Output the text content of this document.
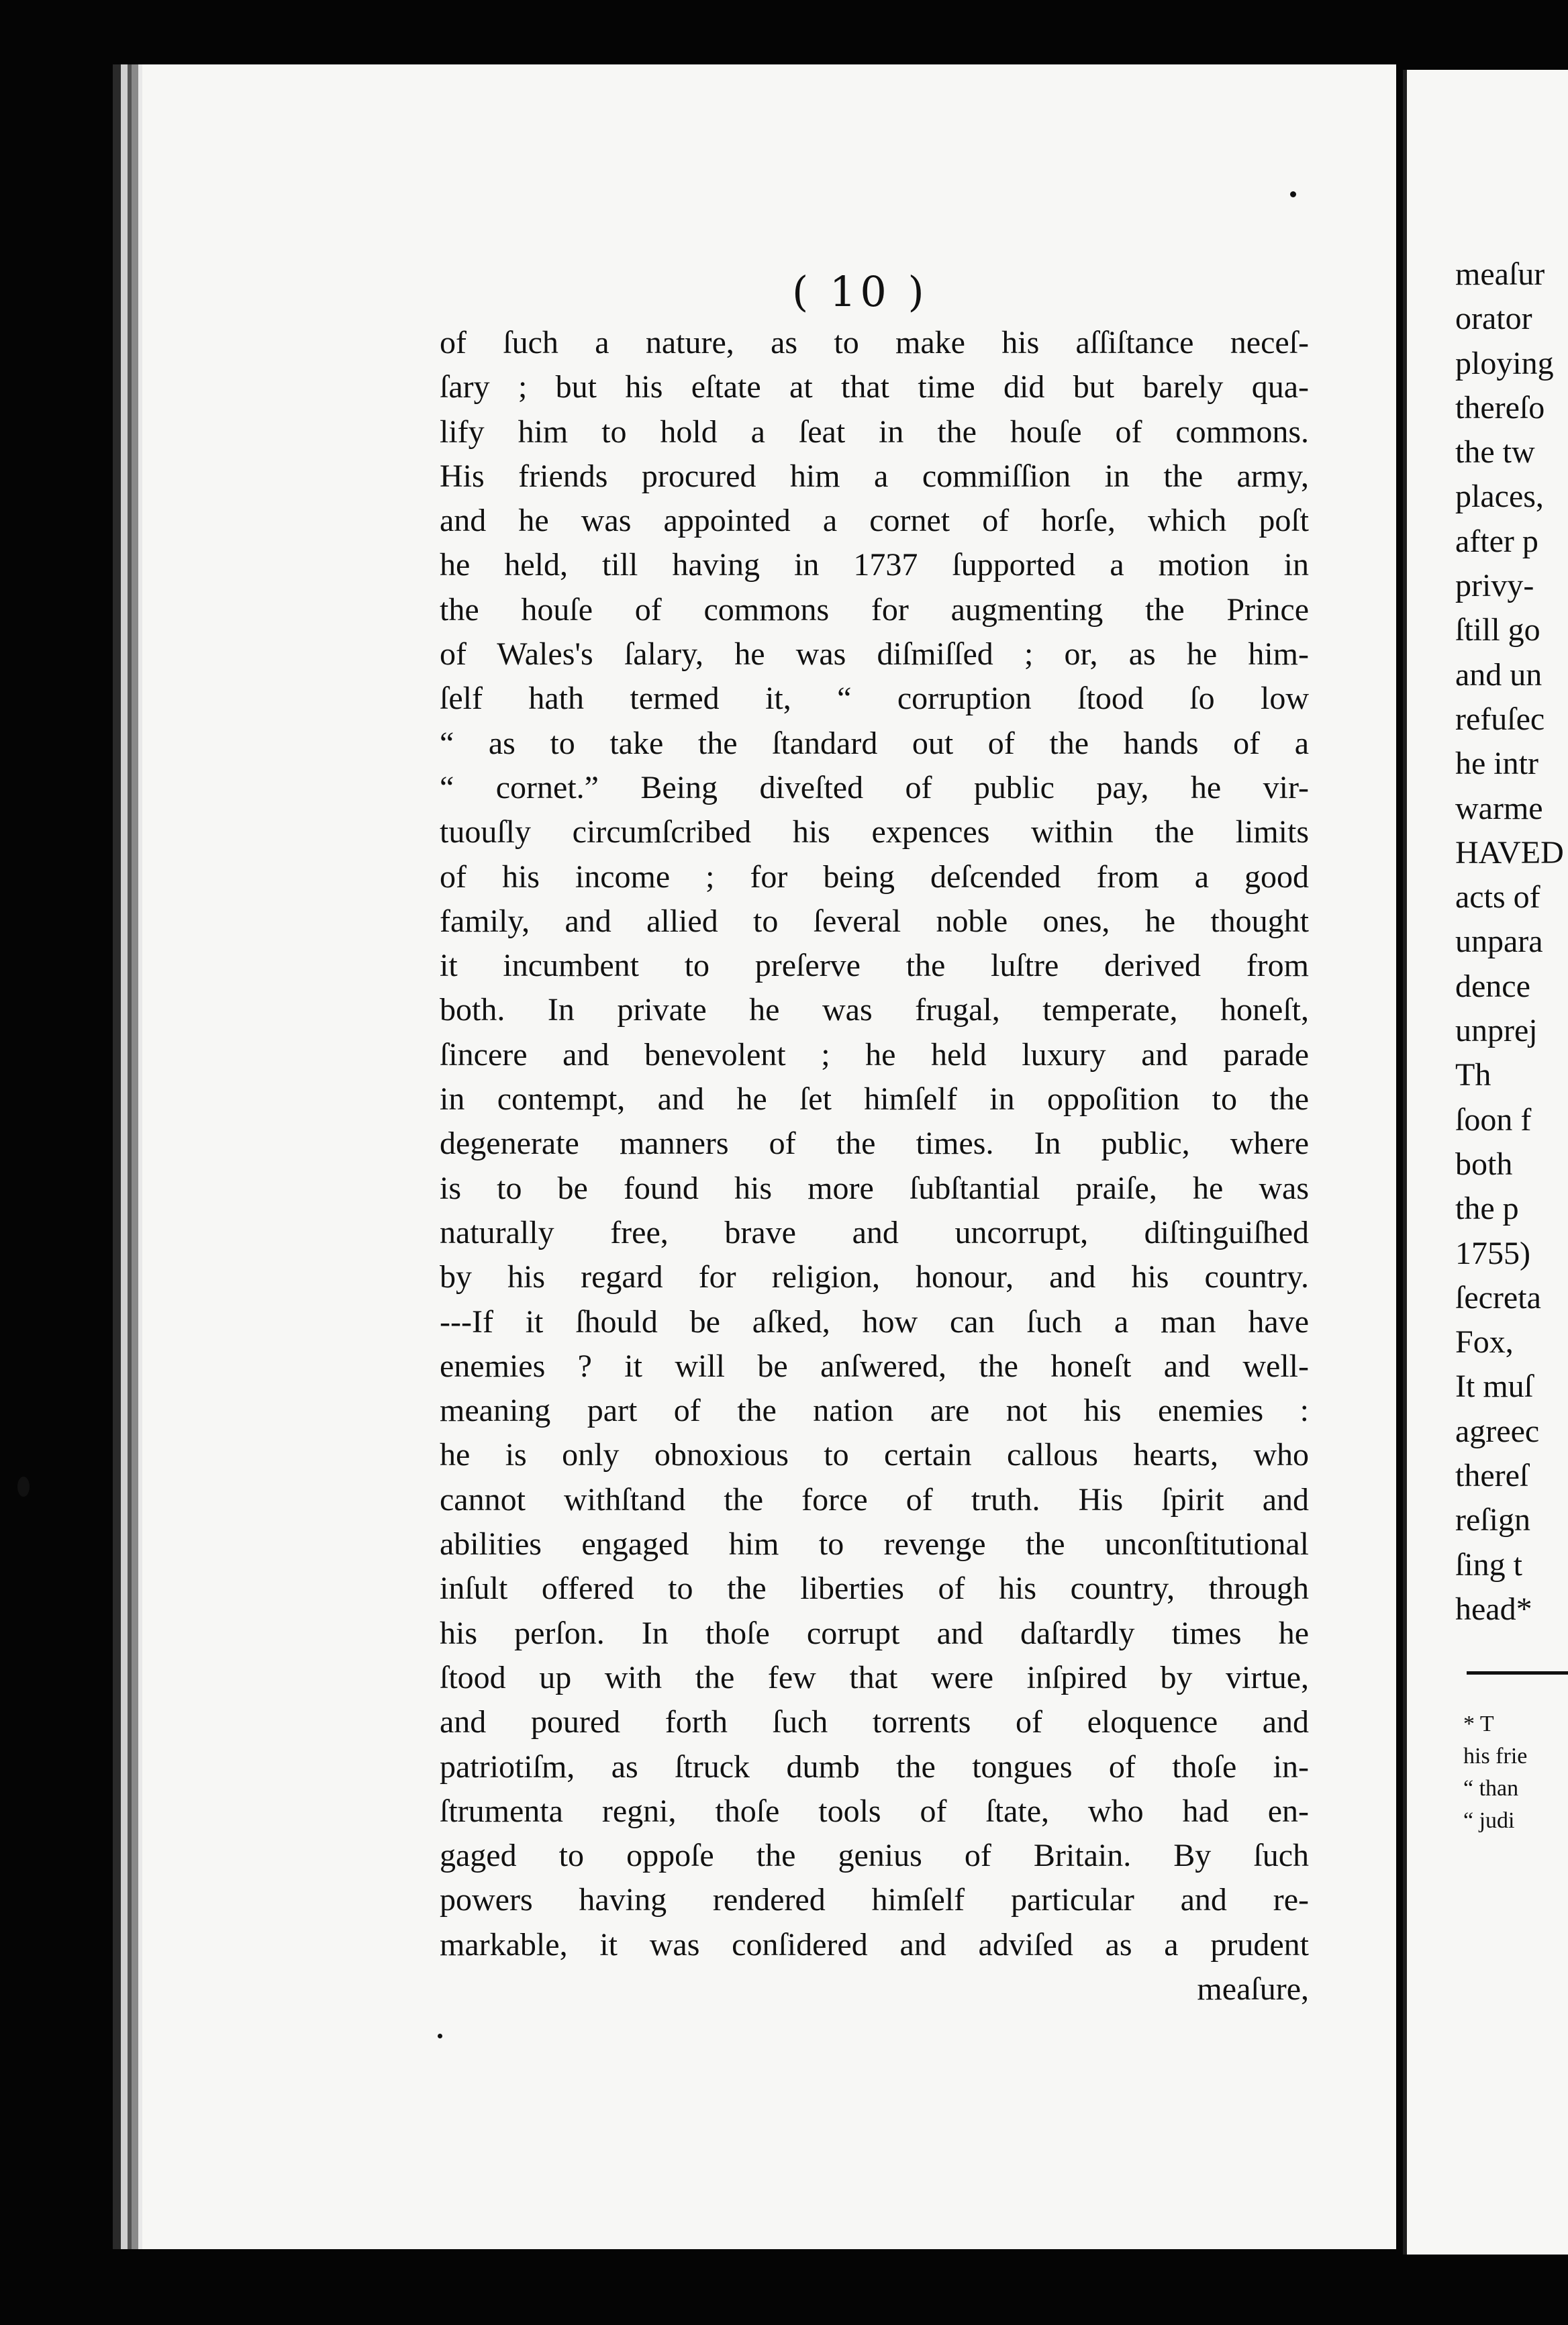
( 10 )
of ſuch a nature, as to make his aſſiſtance neceſ-
ſary ; but his eſtate at that time did but barely qua-
lify him to hold a ſeat in the houſe of commons.
His friends procured him a commiſſion in the army,
and he was appointed a cornet of horſe, which poſt
he held, till having in 1737 ſupported a motion in
the houſe of commons for augmenting the Prince
of Wales's ſalary, he was diſmiſſed ; or, as he him-
ſelf hath termed it, “ corruption ſtood ſo low
“ as to take the ſtandard out of the hands of a
“ cornet.” Being diveſted of public pay, he vir-
tuouſly circumſcribed his expences within the limits
of his income ; for being deſcended from a good
family, and allied to ſeveral noble ones, he thought
it incumbent to preſerve the luſtre derived from
both. In private he was frugal, temperate, honeſt,
ſincere and benevolent ; he held luxury and parade
in contempt, and he ſet himſelf in oppoſition to the
degenerate manners of the times. In public, where
is to be found his more ſubſtantial praiſe, he was
naturally free, brave and uncorrupt, diſtinguiſhed
by his regard for religion, honour, and his country.
---If it ſhould be aſked, how can ſuch a man have
enemies ? it will be anſwered, the honeſt and well-
meaning part of the nation are not his enemies :
he is only obnoxious to certain callous hearts, who
cannot withſtand the force of truth. His ſpirit and
abilities engaged him to revenge the unconſtitutional
inſult offered to the liberties of his country, through
his perſon. In thoſe corrupt and daſtardly times he
ſtood up with the few that were inſpired by virtue,
and poured forth ſuch torrents of eloquence and
patriotiſm, as ſtruck dumb the tongues of thoſe in-
ſtrumenta regni, thoſe tools of ſtate, who had en-
gaged to oppoſe the genius of Britain. By ſuch
powers having rendered himſelf particular and re-
markable, it was conſidered and adviſed as a prudent
meaſure,
meaſur
orator
ploying
thereſo
the tw
places,
after p
privy-
ſtill go
and un
refuſec
he intr
warme
HAVED
acts of
unpara
dence
unprej
Th
ſoon f
both
the p
1755)
ſecreta
Fox,
It muſ
agreec
thereſ
reſign
ſing t
head*
* T
his frie
“ than
“ judi
